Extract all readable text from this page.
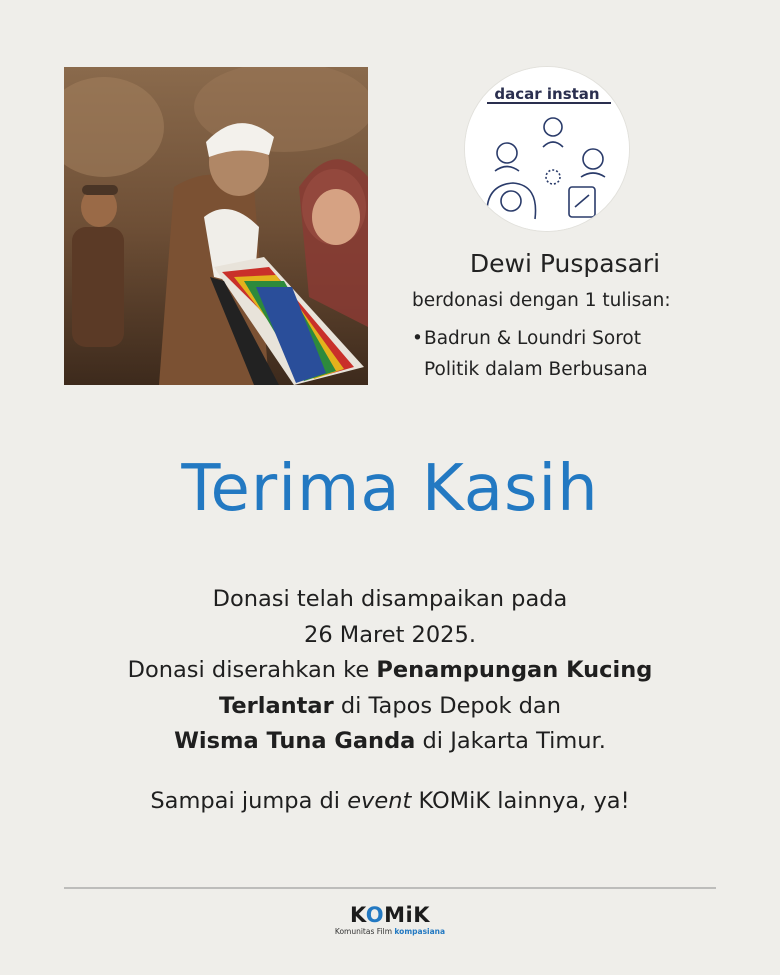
dacar instan
Dewi Puspasari
berdonasi dengan 1 tulisan:
•Badrun & Loundri Sorot
Politik dalam Berbusana
Terima Kasih
Donasi telah disampaikan pada
26 Maret 2025.
Donasi diserahkan ke Penampungan Kucing
Terlantar di Tapos Depok dan
Wisma Tuna Ganda di Jakarta Timur.
Sampai jumpa di event KOMiK lainnya, ya!
KOMiK
Komunitas Film kompasiana
